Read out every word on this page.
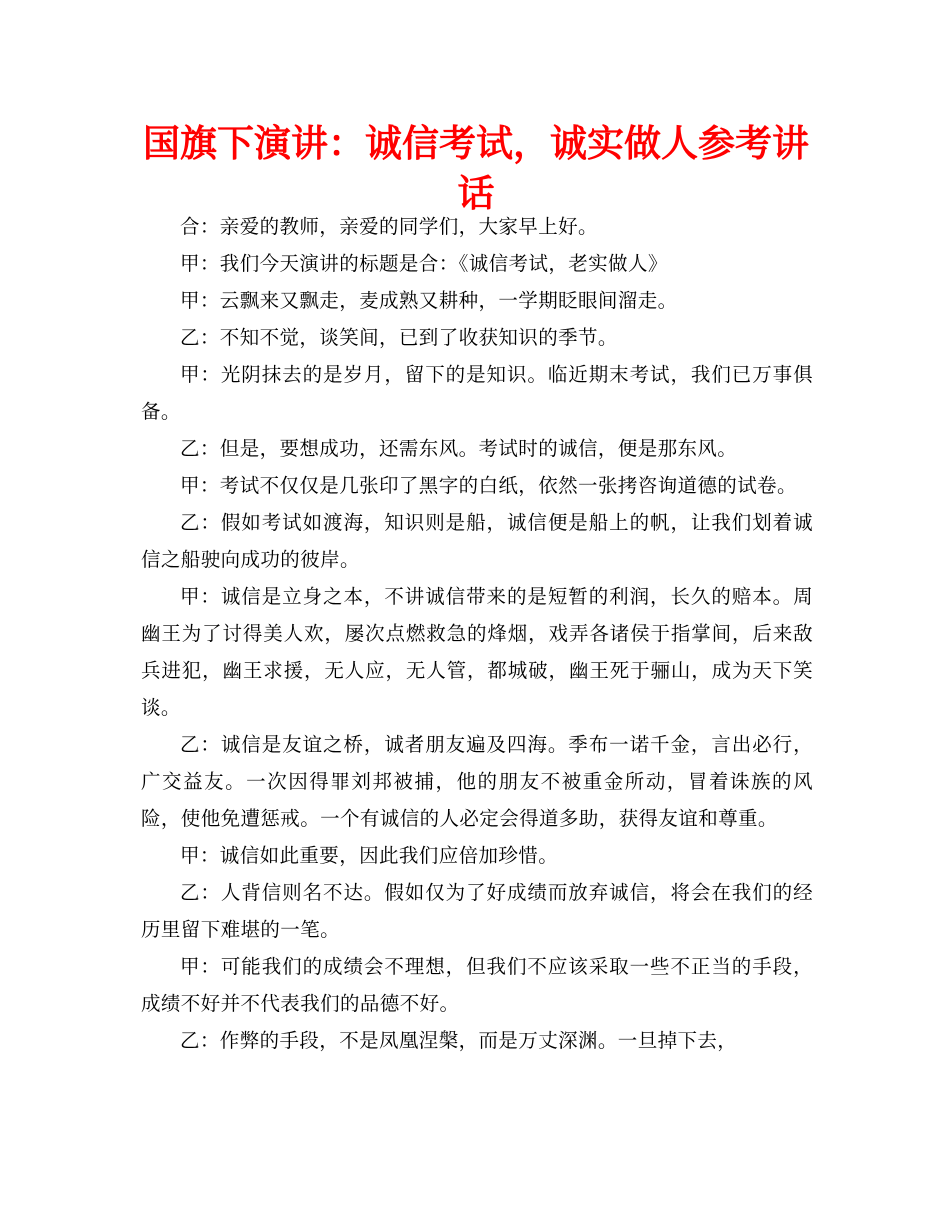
国旗下演讲：诚信考试，诚实做人参考讲话

合：亲爱的教师，亲爱的同学们，大家早上好。

甲：我们今天演讲的标题是合：《诚信考试，老实做人》

甲：云飘来又飘走，麦成熟又耕种，一学期眨眼间溜走。

乙：不知不觉，谈笑间，已到了收获知识的季节。

甲：光阴抹去的是岁月，留下的是知识。临近期末考试，我们已万事俱备。

乙：但是，要想成功，还需东风。考试时的诚信，便是那东风。

甲：考试不仅仅是几张印了黑字的白纸，依然一张拷咨询道德的试卷。

乙：假如考试如渡海，知识则是船，诚信便是船上的帆，让我们划着诚信之船驶向成功的彼岸。

甲：诚信是立身之本，不讲诚信带来的是短暂的利润，长久的赔本。周幽王为了讨得美人欢，屡次点燃救急的烽烟，戏弄各诸侯于指掌间，后来敌兵进犯，幽王求援，无人应，无人管，都城破，幽王死于骊山，成为天下笑谈。

乙：诚信是友谊之桥，诚者朋友遍及四海。季布一诺千金，言出必行，广交益友。一次因得罪刘邦被捕，他的朋友不被重金所动，冒着诛族的风险，使他免遭惩戒。一个有诚信的人必定会得道多助，获得友谊和尊重。

甲：诚信如此重要，因此我们应倍加珍惜。

乙：人背信则名不达。假如仅为了好成绩而放弃诚信，将会在我们的经历里留下难堪的一笔。

甲：可能我们的成绩会不理想，但我们不应该采取一些不正当的手段，成绩不好并不代表我们的品德不好。

乙：作弊的手段，不是凤凰涅槃，而是万丈深渊。一旦掉下去，
